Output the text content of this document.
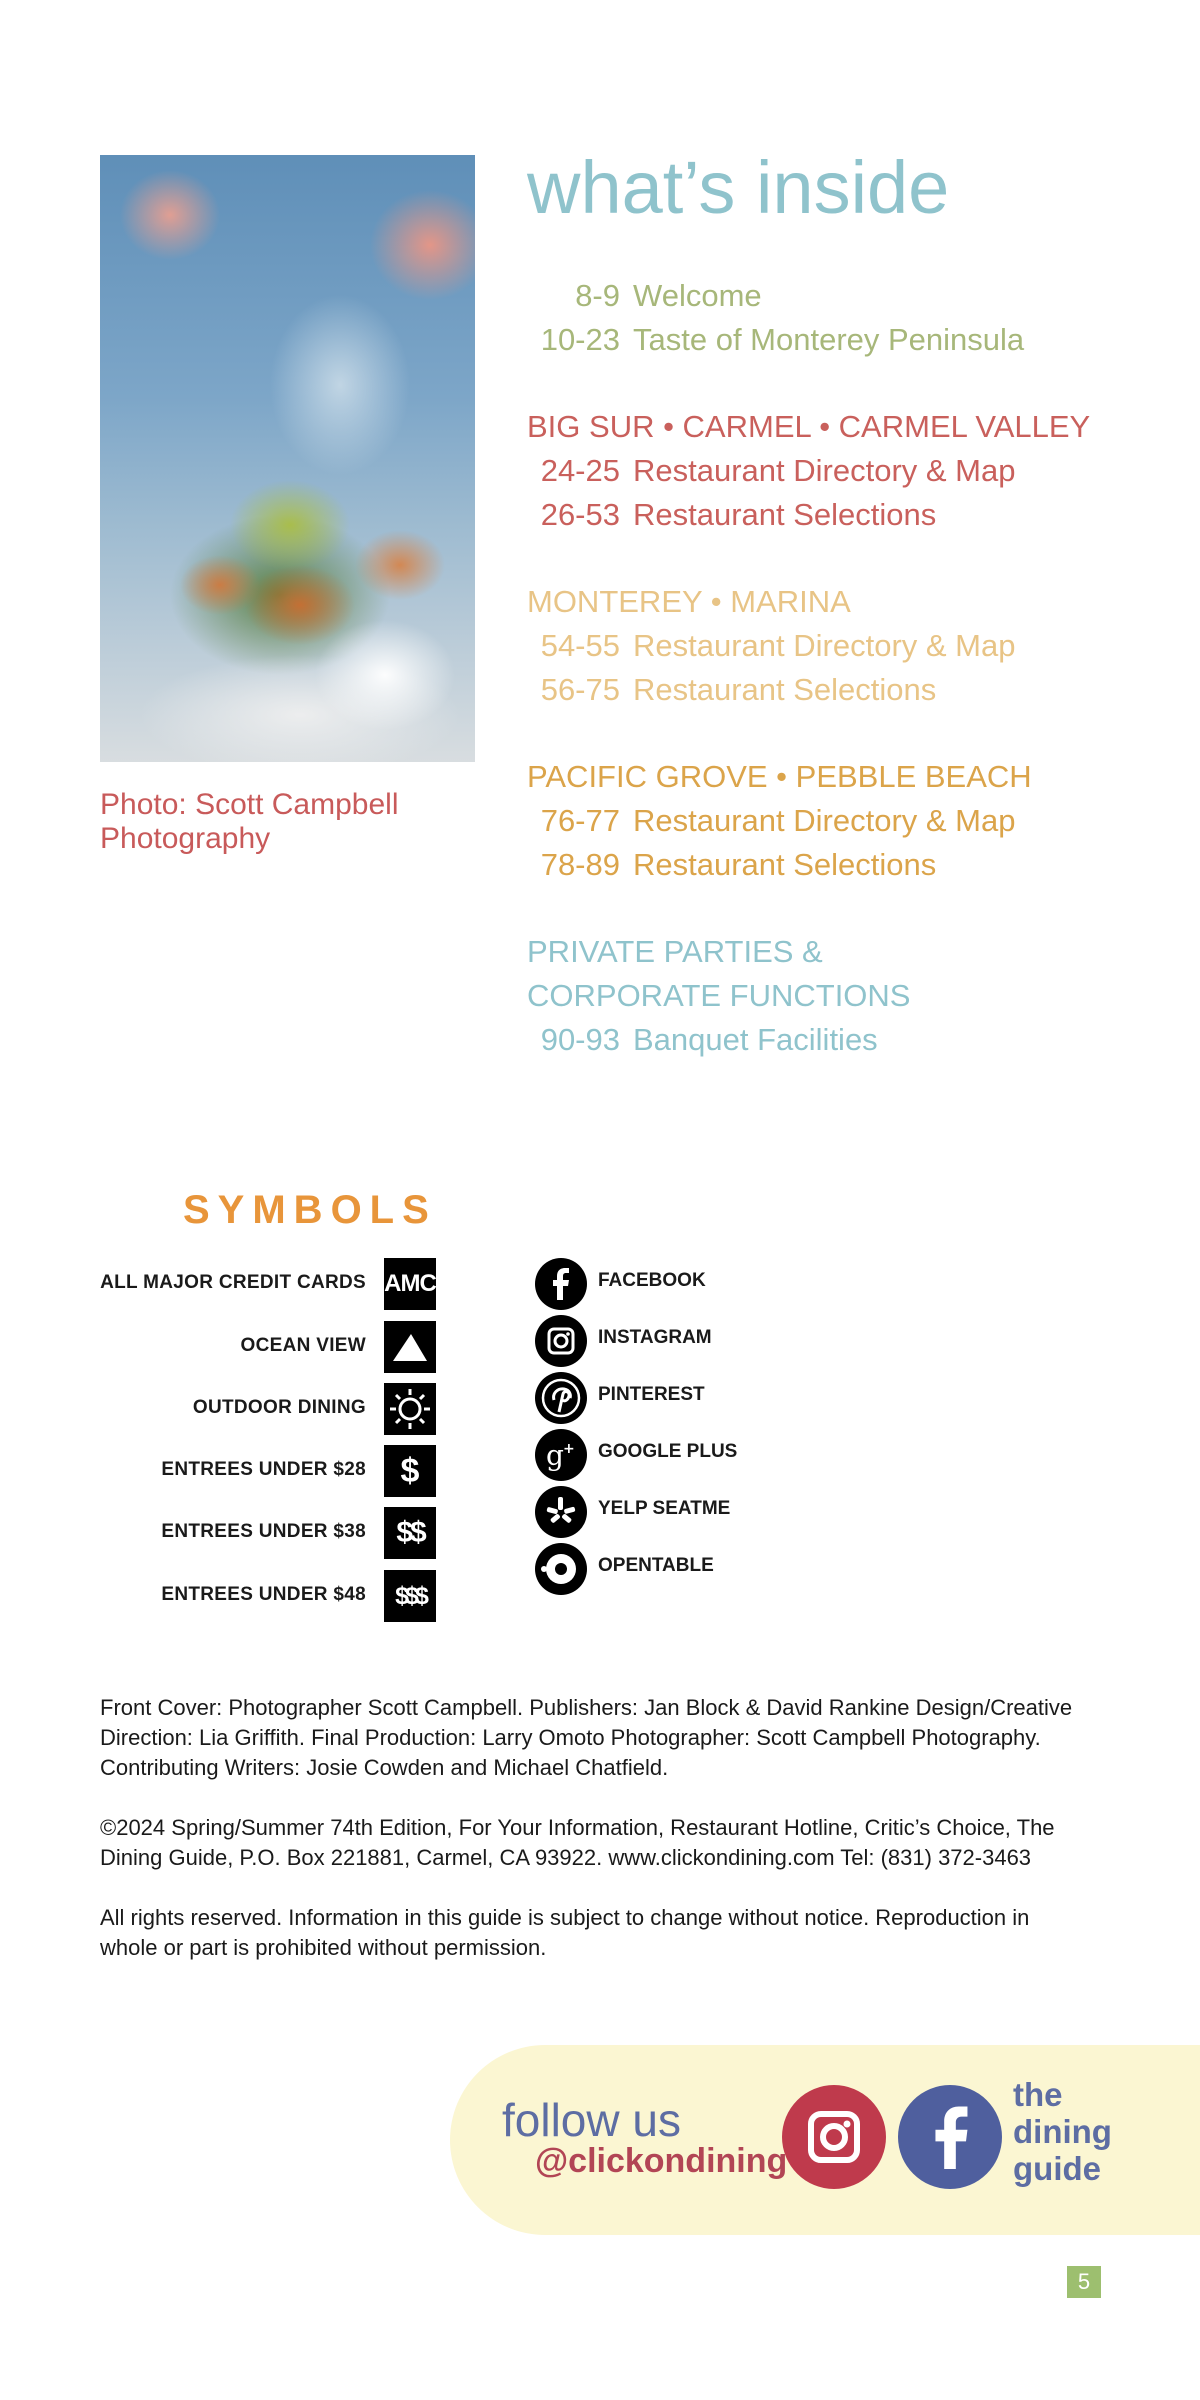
Photo: Scott Campbell Photography
what’s inside
8-9 Welcome
10-23 Taste of Monterey Peninsula
BIG SUR • CARMEL • CARMEL VALLEY
24-25 Restaurant Directory & Map
26-53 Restaurant Selections
MONTEREY • MARINA
54-55 Restaurant Directory & Map
56-75 Restaurant Selections
PACIFIC GROVE • PEBBLE BEACH
76-77 Restaurant Directory & Map
78-89 Restaurant Selections
PRIVATE PARTIES &
CORPORATE FUNCTIONS
90-93 Banquet Facilities
SYMBOLS
ALL MAJOR CREDIT CARDS AMC
OCEAN VIEW
OUTDOOR DINING
ENTREES UNDER $28	$
ENTREES UNDER $38	$$
ENTREES UNDER $48	$$$
FACEBOOK
INSTAGRAM
PINTEREST
g + GOOGLE PLUS
YELP SEATME
OPENTABLE

Front Cover: Photographer Scott Campbell. Publishers: Jan Block & David Rankine Design/Creative Direction: Lia Griffith. Final Production: Larry Omoto Photographer: Scott Campbell Photography. Contributing Writers: Josie Cowden and Michael Chatfield.

©2024 Spring/Summer 74th Edition, For Your Information, Restaurant Hotline, Critic’s Choice, The Dining Guide, P.O. Box 221881, Carmel, CA 93922. www.clickondining.com Tel: (831) 372-3463

All rights reserved. Information in this guide is subject to change without notice. Reproduction in whole or part is prohibited without permission.

follow us
@clickondining
the
dining
guide
5
